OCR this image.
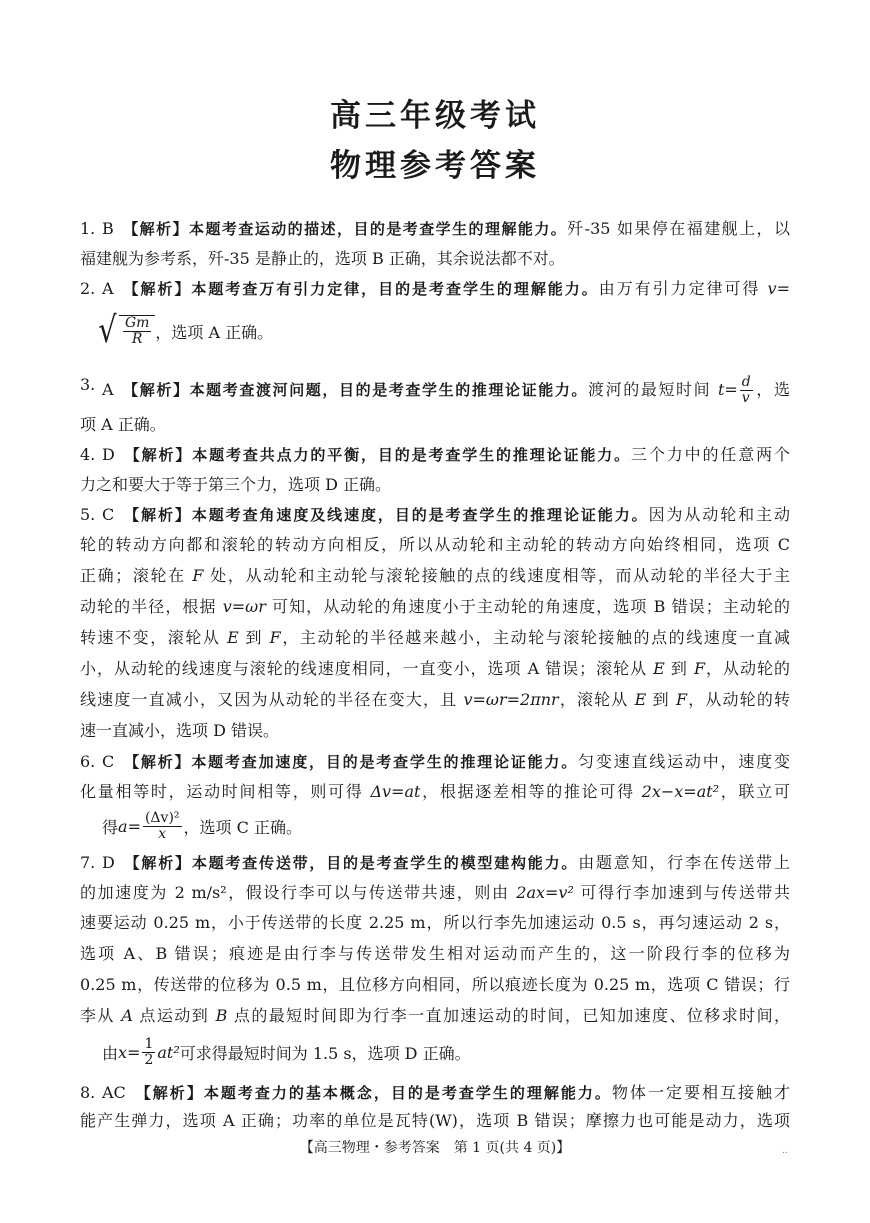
高三年级考试
物理参考答案
1. B 【解析】本题考查运动的描述，目的是考查学生的理解能力。歼-35 如果停在福建舰上，以
福建舰为参考系，歼-35 是静止的，选项 B 正确，其余说法都不对。
2. A 【解析】本题考查万有引力定律，目的是考查学生的理解能力。由万有引力定律可得 v=
√ $\frac{Gm}{R}$ ，选项 A 正确。
3. A 【解析】本题考查渡河问题，目的是考查学生的推理论证能力。渡河的最短时间 $t= \frac{d}{v}$ ，选
项 A 正确。
4. D 【解析】本题考查共点力的平衡，目的是考查学生的推理论证能力。三个力中的任意两个
力之和要大于等于第三个力，选项 D 正确。
5. C 【解析】本题考查角速度及线速度，目的是考查学生的推理论证能力。因为从动轮和主动
轮的转动方向都和滚轮的转动方向相反，所以从动轮和主动轮的转动方向始终相同，选项 C
正确；滚轮在 F 处，从动轮和主动轮与滚轮接触的点的线速度相等，而从动轮的半径大于主
动轮的半径，根据 v=ωr 可知，从动轮的角速度小于主动轮的角速度，选项 B 错误；主动轮的
转速不变，滚轮从 E 到 F，主动轮的半径越来越小，主动轮与滚轮接触的点的线速度一直减
小，从动轮的线速度与滚轮的线速度相同，一直变小，选项 A 错误；滚轮从 E 到 F，从动轮的
线速度一直减小，又因为从动轮的半径在变大，且 v=ωr=2πnr，滚轮从 E 到 F，从动轮的转
速一直减小，选项 D 错误。
6. C 【解析】本题考查加速度，目的是考查学生的推理论证能力。匀变速直线运动中，速度变
化量相等时，运动时间相等，则可得 Δv=at，根据逐差相等的推论可得 2x−x=at²，联立可
得 $a = \frac{\text{(Δv)²}}{x}$ ，选项 C 正确。
7. D 【解析】本题考查传送带，目的是考查学生的模型建构能力。由题意知，行李在传送带上
的加速度为 2 m/s²，假设行李可以与传送带共速，则由 2ax=v² 可得行李加速到与传送带共
速要运动 0.25 m，小于传送带的长度 2.25 m，所以行李先加速运动 0.5 s，再匀速运动 2 s，
选项 A、B 错误；痕迹是由行李与传送带发生相对运动而产生的，这一阶段行李的位移为
0.25 m，传送带的位移为 0.5 m，且位移方向相同，所以痕迹长度为 0.25 m，选项 C 错误；行
李从 A 点运动到 B 点的最短时间即为行李一直加速运动的时间，已知加速度、位移求时间，
由 $x = \frac{1}{2} at^2$ 可求得最短时间为 1.5 s，选项 D 正确。
8. AC 【解析】本题考查力的基本概念，目的是考查学生的理解能力。物体一定要相互接触才
能产生弹力，选项 A 正确；功率的单位是瓦特(W)，选项 B 错误；摩擦力也可能是动力，选项
【高三物理・参考答案　第 1 页(共 4 页)】	..
